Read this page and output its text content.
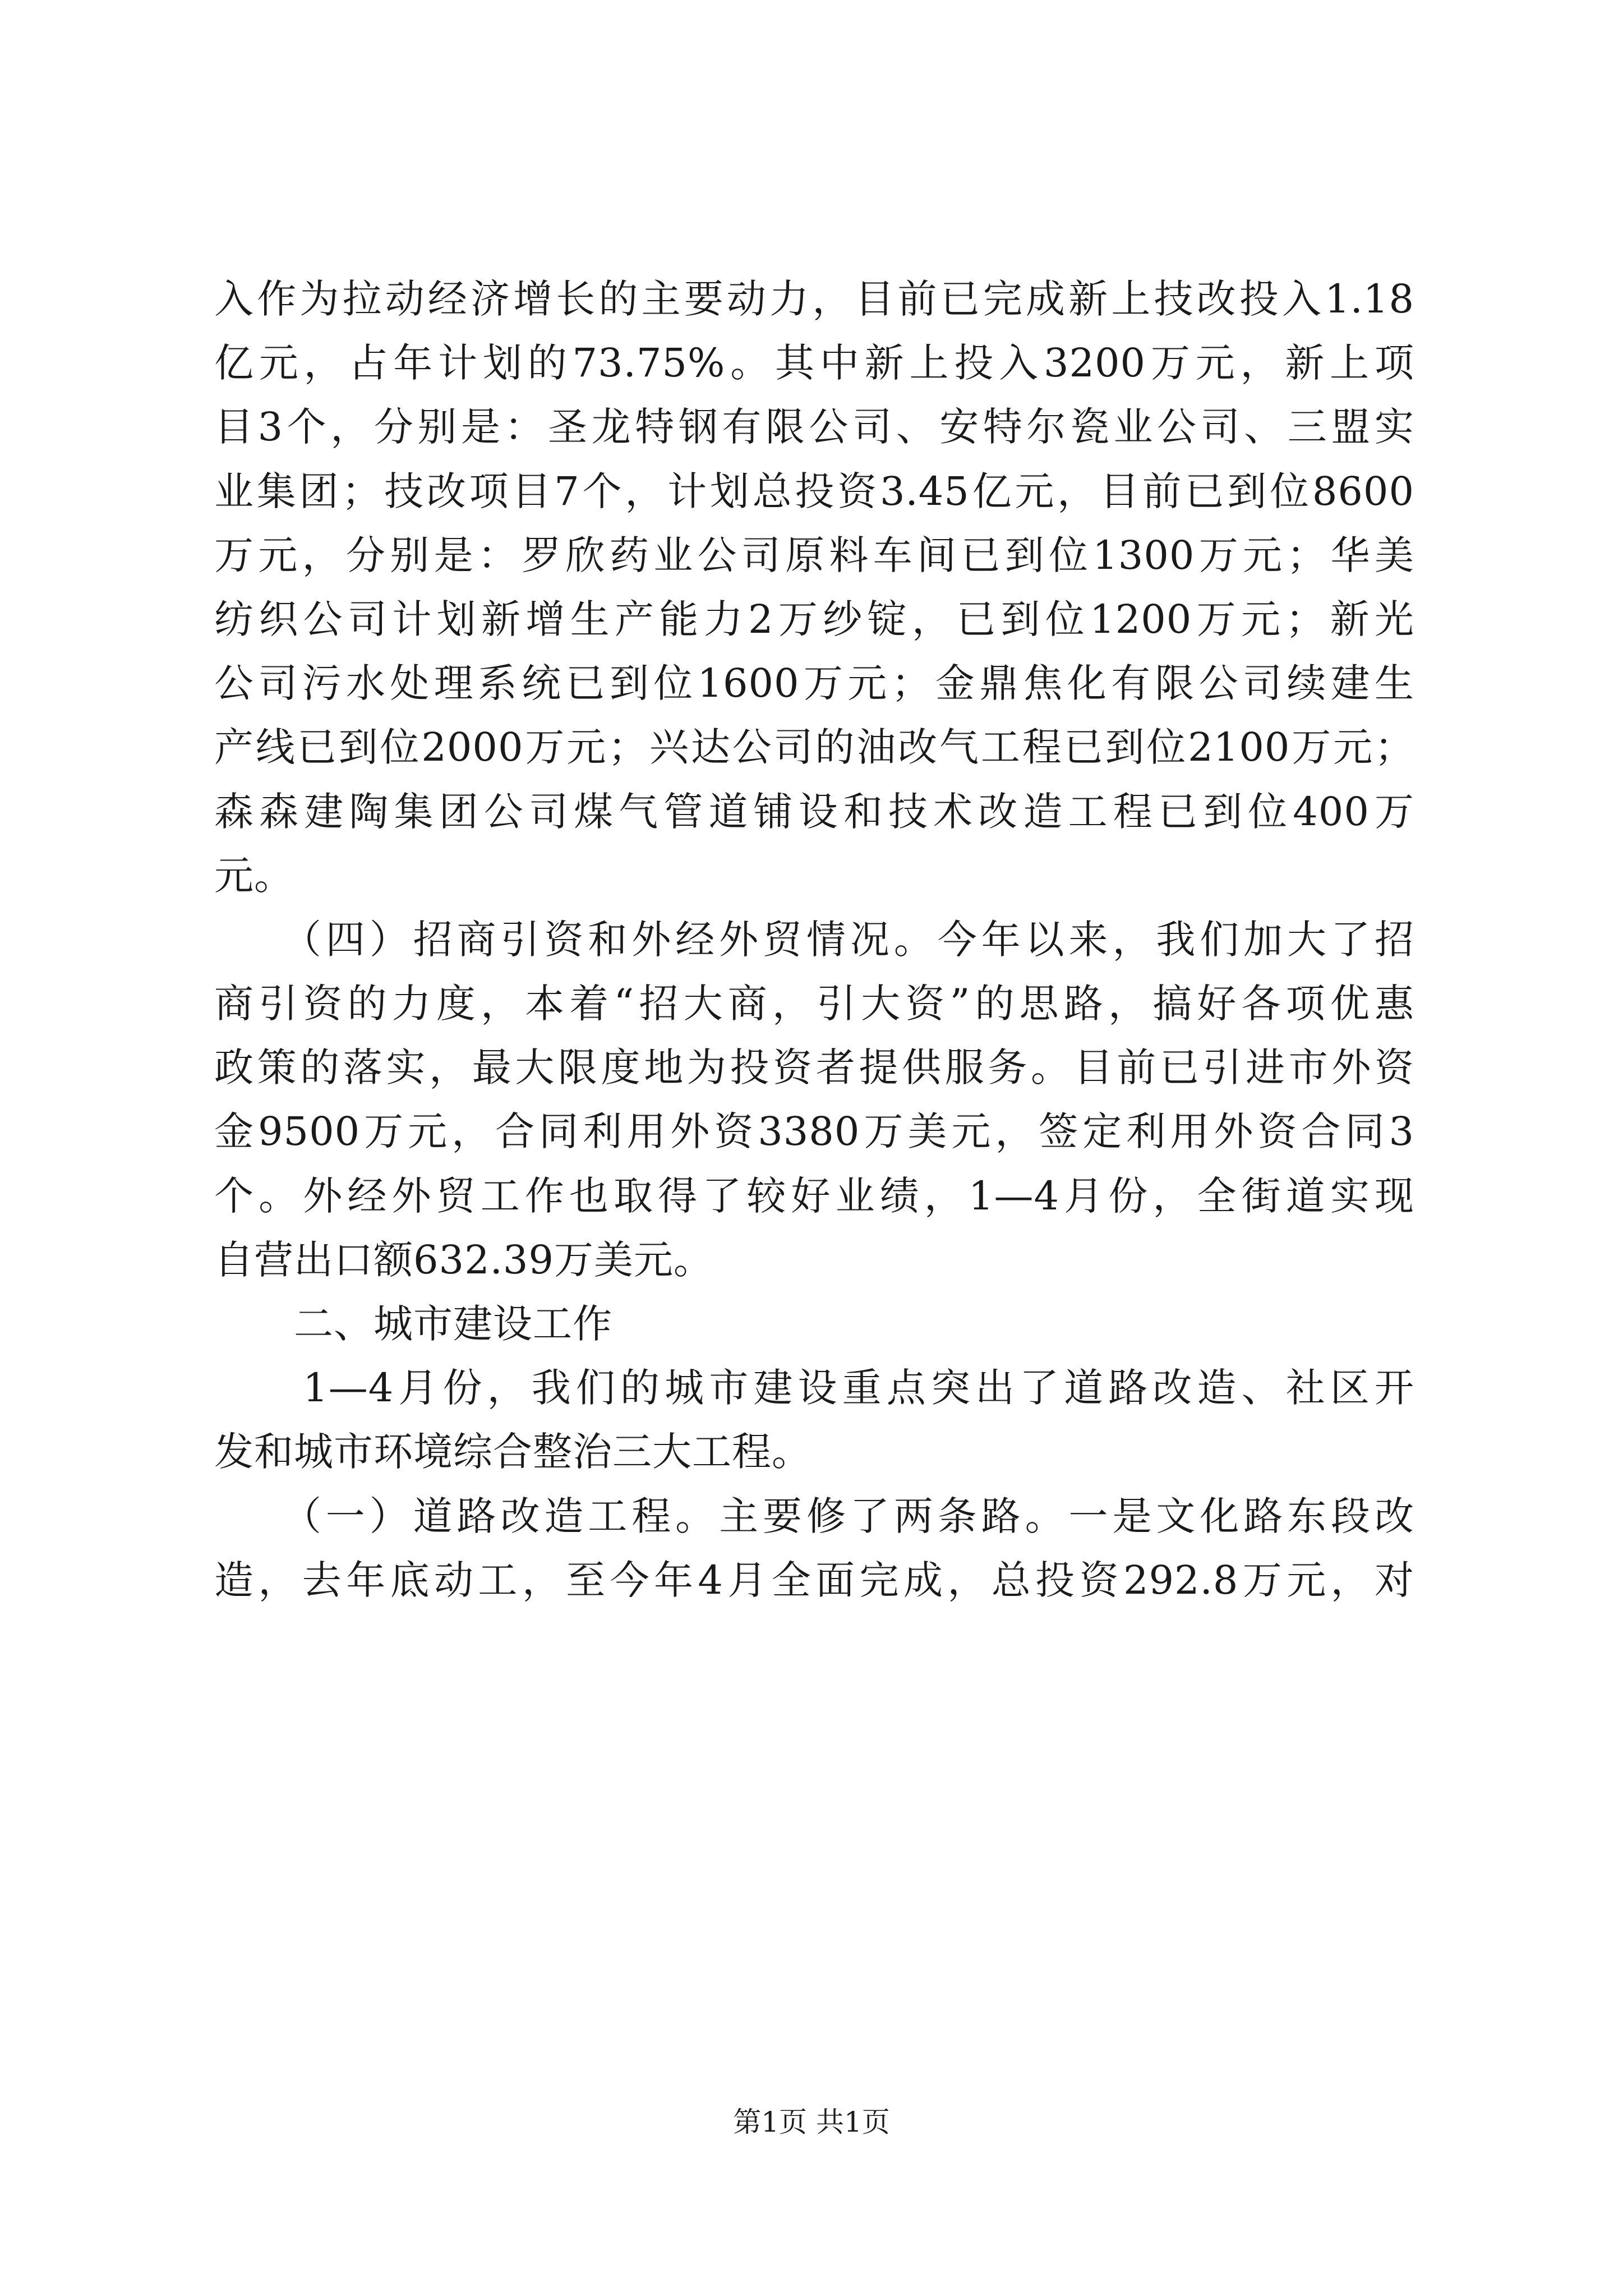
入作为拉动经济增长的主要动力，目前已完成新上技改投入1.18
亿元，占年计划的73.75%。其中新上投入3200万元，新上项
目3个，分别是：圣龙特钢有限公司、安特尔瓷业公司、三盟实
业集团；技改项目7个，计划总投资3.45亿元，目前已到位8600
万元，分别是：罗欣药业公司原料车间已到位1300万元；华美
纺织公司计划新增生产能力2万纱锭，已到位1200万元；新光
公司污水处理系统已到位1600万元；金鼎焦化有限公司续建生
产线已到位2000万元；兴达公司的油改气工程已到位2100万元；
森森建陶集团公司煤气管道铺设和技术改造工程已到位400万
元。
　　（四）招商引资和外经外贸情况。今年以来，我们加大了招
商引资的力度，本着“招大商，引大资”的思路，搞好各项优惠
政策的落实，最大限度地为投资者提供服务。目前已引进市外资
金9500万元，合同利用外资3380万美元，签定利用外资合同3
个。外经外贸工作也取得了较好业绩，1—4月份，全街道实现
自营出口额632.39万美元。
　　二、城市建设工作
　　1—4月份，我们的城市建设重点突出了道路改造、社区开
发和城市环境综合整治三大工程。
　　（一）道路改造工程。主要修了两条路。一是文化路东段改
造，去年底动工，至今年4月全面完成，总投资292.8万元，对
第1页 共1页
